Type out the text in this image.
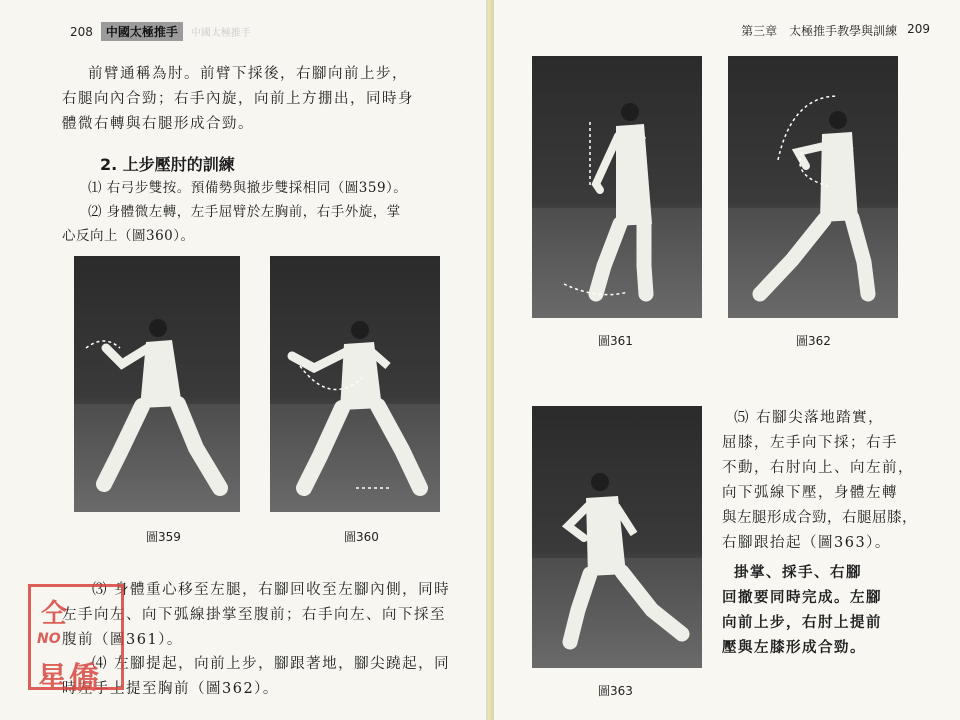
208	中國太極推手	中國太極推手
前臂通稱為肘。前臂下採後，右腳向前上步，
右腿向內合勁；右手內旋，向前上方掤出，同時身
體微右轉與右腿形成合勁。
2. 上步壓肘的訓練
⑴ 右弓步雙按。預備勢與撤步雙採相同（圖359）。
⑵ 身體微左轉，左手屈臂於左胸前，右手外旋，掌
心反向上（圖360）。
圖359	圖360
⑶ 身體重心移至左腿，右腳回收至左腳內側，同時
左手向左、向下弧線掛掌至腹前；右手向左、向下採至
腹前（圖361）。
⑷ 左腳提起，向前上步，腳跟著地，腳尖蹺起，同
時左手上提至胸前（圖362）。
仝
NO
星僑
第三章　太極推手教學與訓練 209
圖361	圖362
圖363
⑸ 右腳尖落地踏實，
屈膝，左手向下採；右手
不動，右肘向上、向左前，
向下弧線下壓，身體左轉
與左腿形成合勁，右腿屈膝，
右腳跟抬起（圖363）。
掛掌、採手、右腳
回撤要同時完成。左腳
向前上步，右肘上提前
壓與左膝形成合勁。
